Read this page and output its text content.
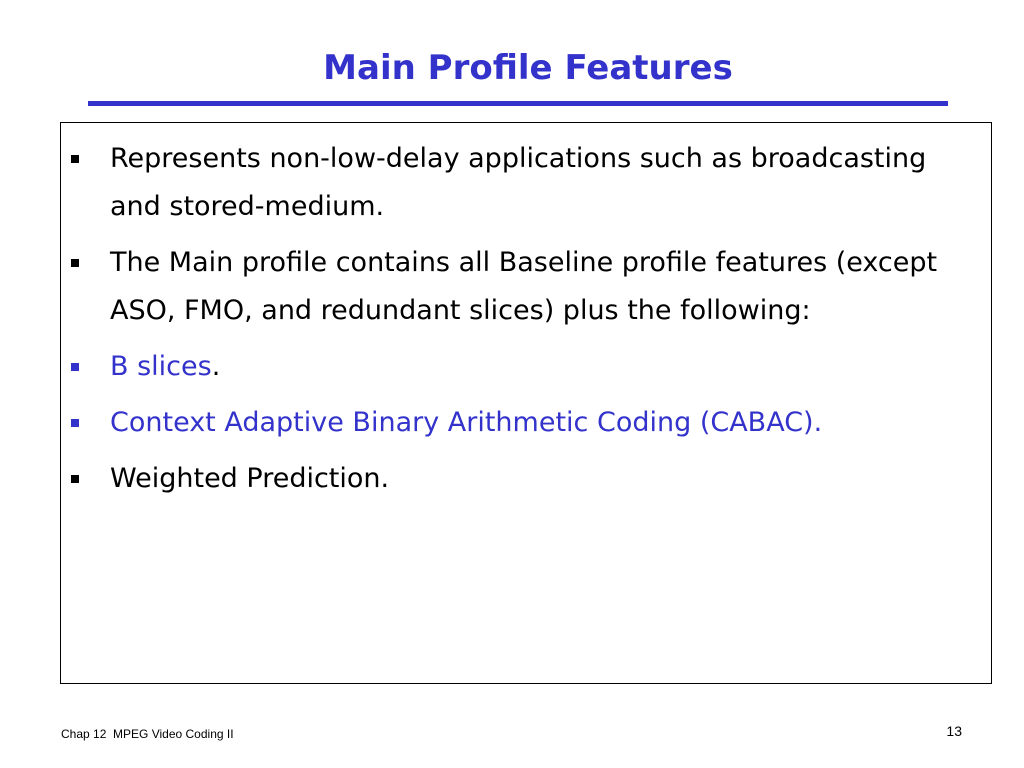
Main Profile Features
Represents non-low-delay applications such as broadcasting and stored-medium.
The Main profile contains all Baseline profile features (except ASO, FMO, and redundant slices) plus the following:
B slices.
Context Adaptive Binary Arithmetic Coding (CABAC).
Weighted Prediction.
Chap 12  MPEG Video Coding II	13
